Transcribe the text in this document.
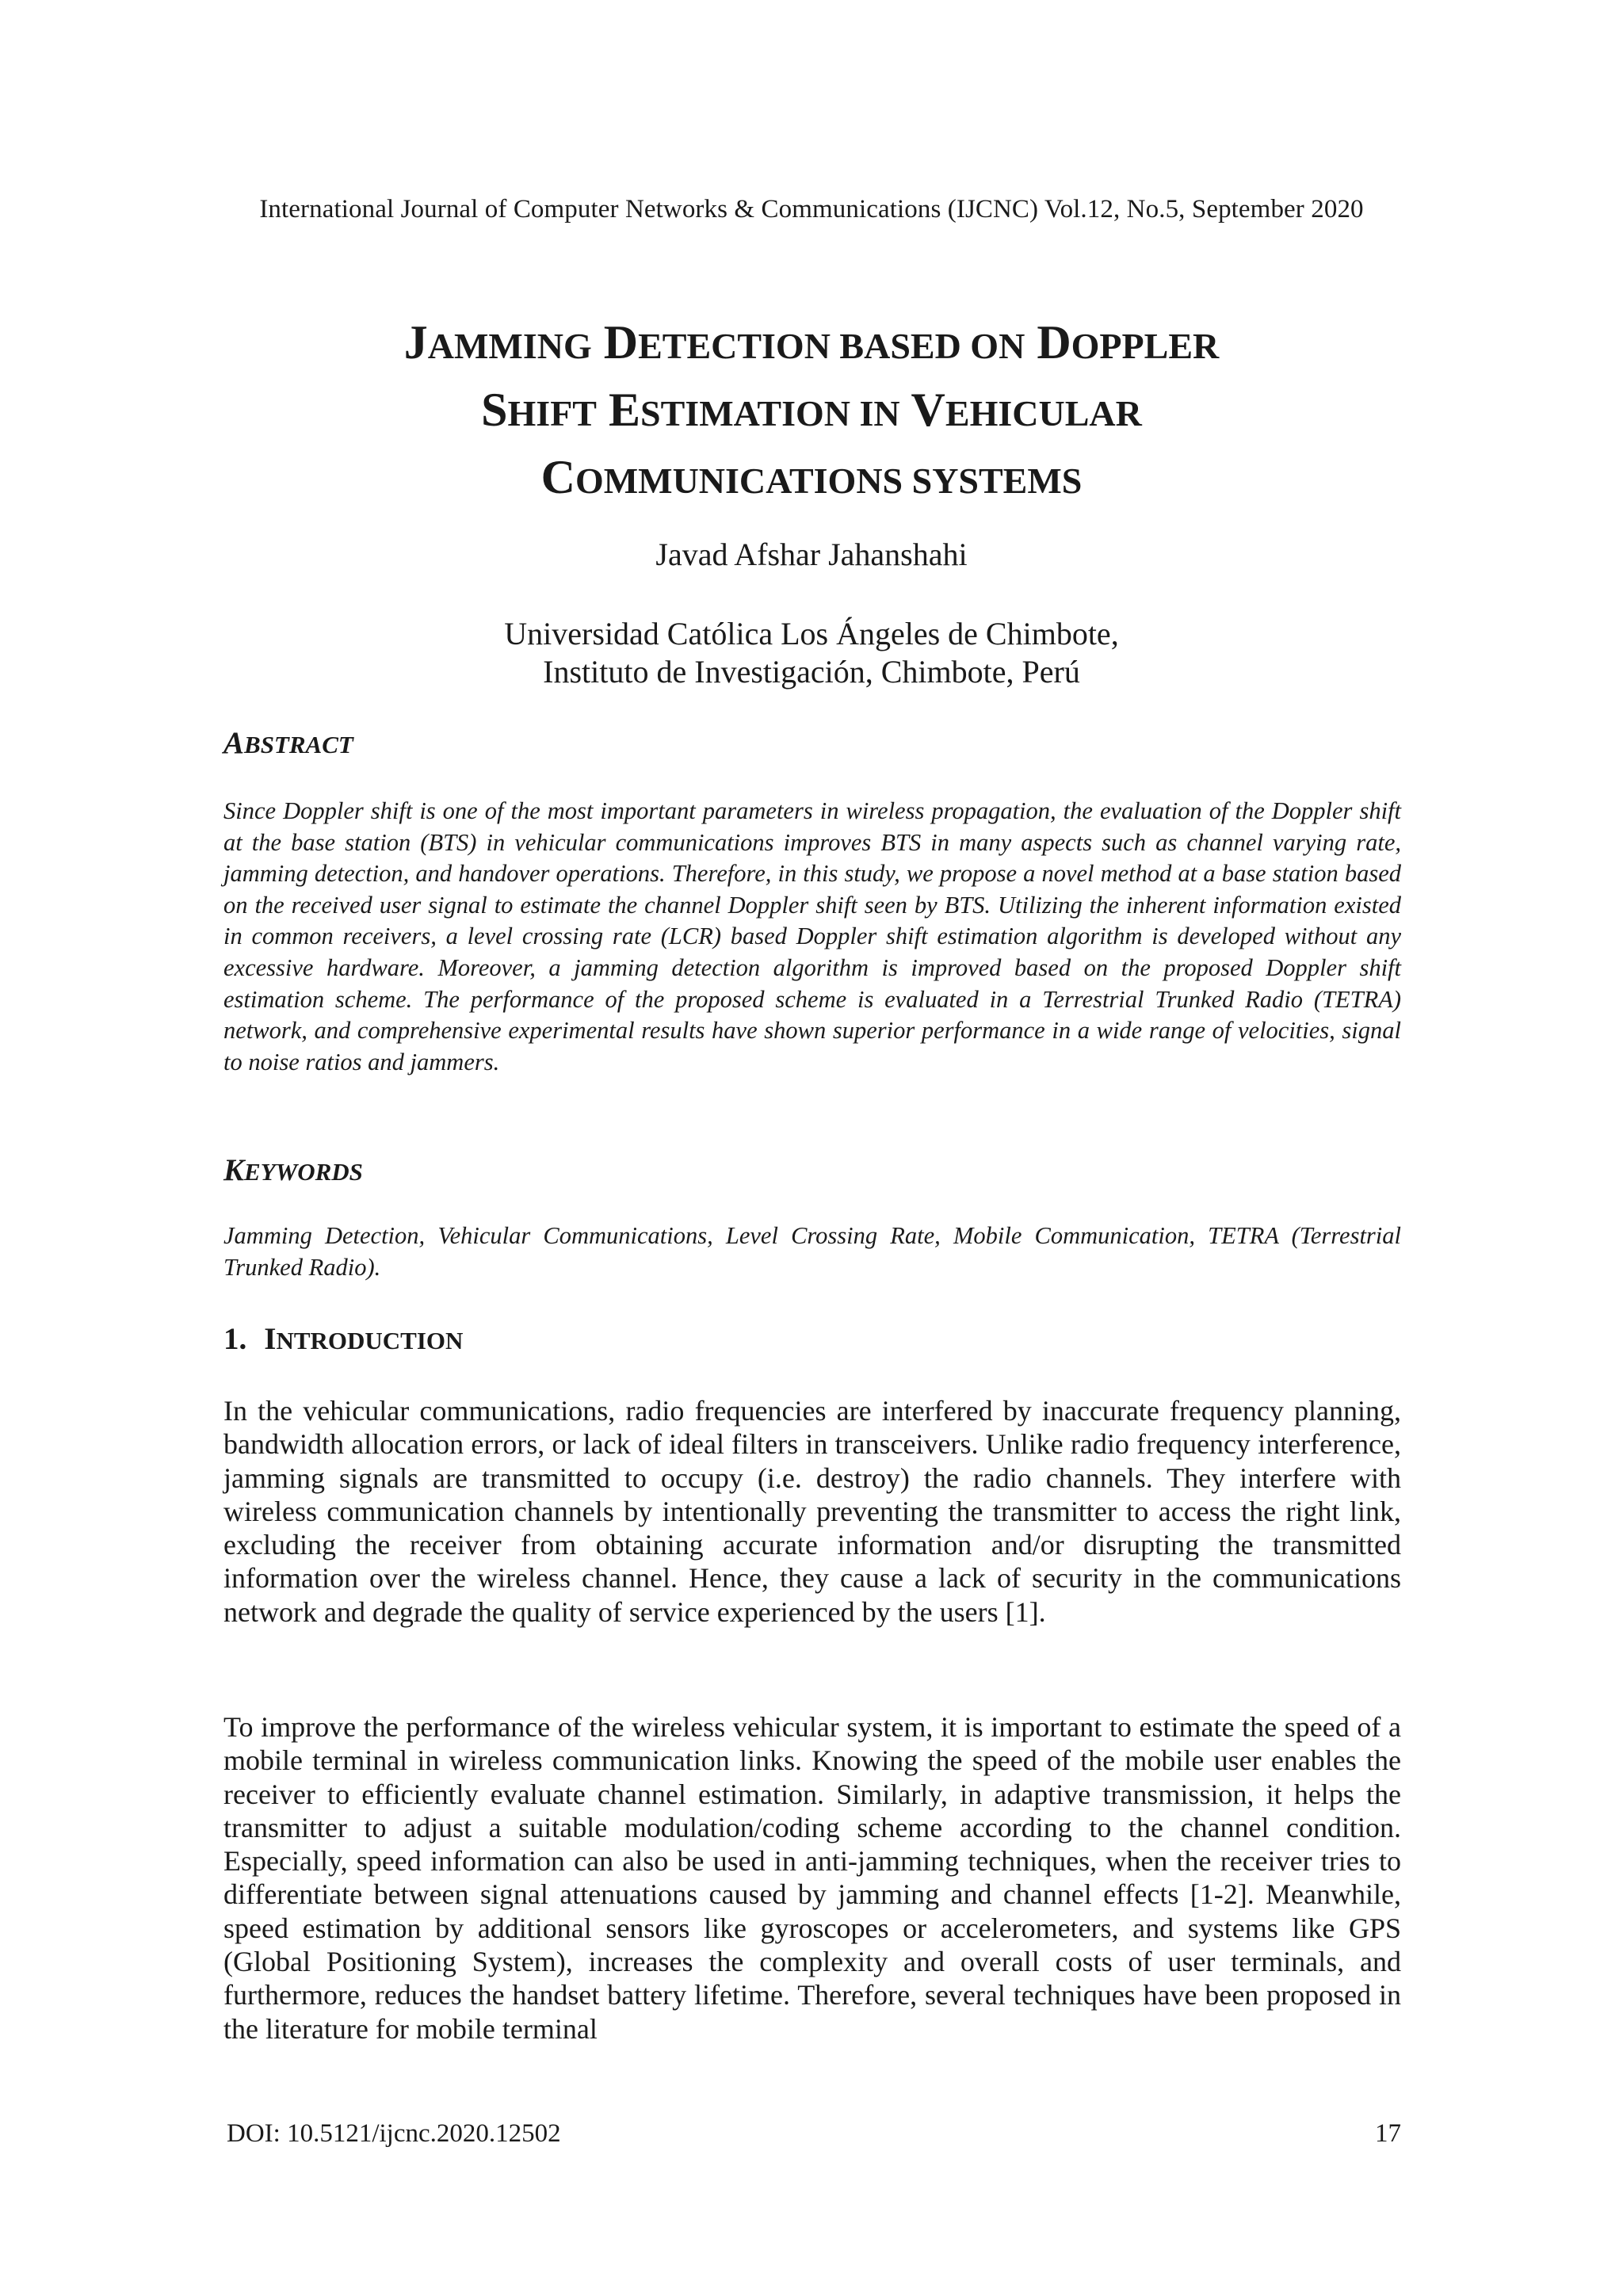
International Journal of Computer Networks & Communications (IJCNC) Vol.12, No.5, September 2020
JAMMING DETECTION BASED ON DOPPLER
SHIFT ESTIMATION IN VEHICULAR
COMMUNICATIONS SYSTEMS
Javad Afshar Jahanshahi
Universidad Católica Los Ángeles de Chimbote,
Instituto de Investigación, Chimbote, Perú
ABSTRACT
Since Doppler shift is one of the most important parameters in wireless propagation, the evaluation of the Doppler shift at the base station (BTS) in vehicular communications improves BTS in many aspects such as channel varying rate, jamming detection, and handover operations. Therefore, in this study, we propose a novel method at a base station based on the received user signal to estimate the channel Doppler shift seen by BTS. Utilizing the inherent information existed in common receivers, a level crossing rate (LCR) based Doppler shift estimation algorithm is developed without any excessive hardware. Moreover, a jamming detection algorithm is improved based on the proposed Doppler shift estimation scheme. The performance of the proposed scheme is evaluated in a Terrestrial Trunked Radio (TETRA) network, and comprehensive experimental results have shown superior performance in a wide range of velocities, signal to noise ratios and jammers.
KEYWORDS
Jamming Detection, Vehicular Communications, Level Crossing Rate, Mobile Communication, TETRA (Terrestrial Trunked Radio).
1. INTRODUCTION
In the vehicular communications, radio frequencies are interfered by inaccurate frequency planning, bandwidth allocation errors, or lack of ideal filters in transceivers. Unlike radio frequency interference, jamming signals are transmitted to occupy (i.e. destroy) the radio channels. They interfere with wireless communication channels by intentionally preventing the transmitter to access the right link, excluding the receiver from obtaining accurate information and/or disrupting the transmitted information over the wireless channel. Hence, they cause a lack of security in the communications network and degrade the quality of service experienced by the users [1].
To improve the performance of the wireless vehicular system, it is important to estimate the speed of a mobile terminal in wireless communication links. Knowing the speed of the mobile user enables the receiver to efficiently evaluate channel estimation. Similarly, in adaptive transmission, it helps the transmitter to adjust a suitable modulation/coding scheme according to the channel condition. Especially, speed information can also be used in anti-jamming techniques, when the receiver tries to differentiate between signal attenuations caused by jamming and channel effects [1-2]. Meanwhile, speed estimation by additional sensors like gyroscopes or accelerometers, and systems like GPS (Global Positioning System), increases the complexity and overall costs of user terminals, and furthermore, reduces the handset battery lifetime. Therefore, several techniques have been proposed in the literature for mobile terminal
DOI: 10.5121/ijcnc.2020.12502	17
